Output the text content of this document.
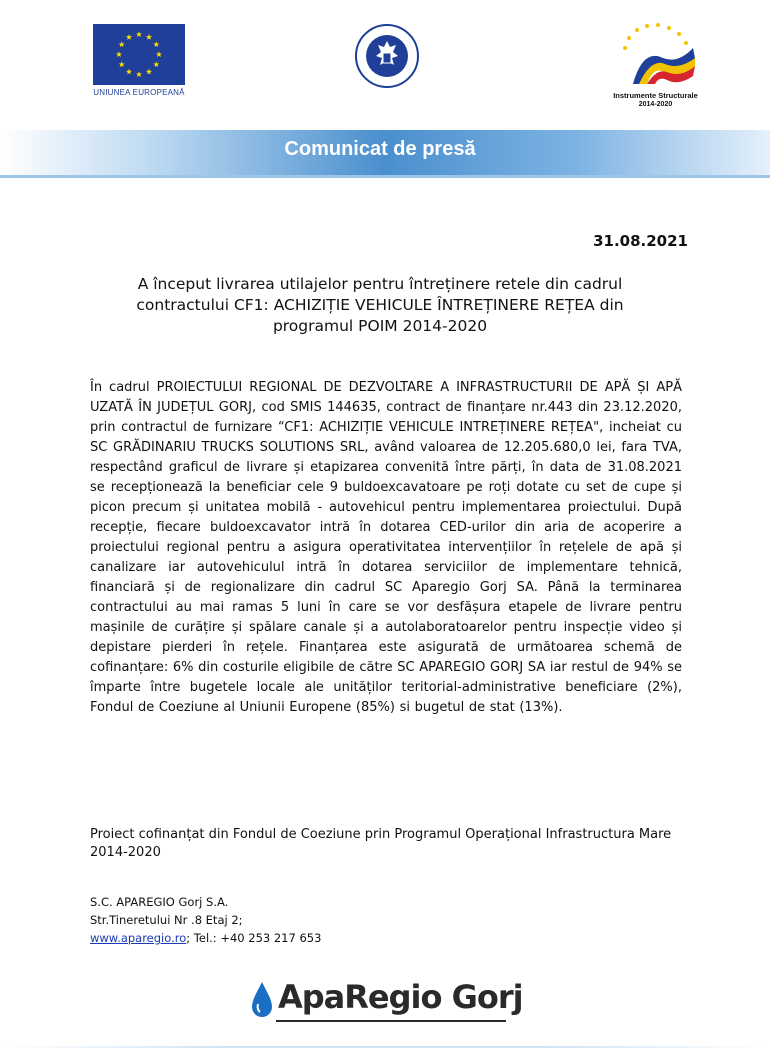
UNIUNEA EUROPEANĂ	Instrumente Structurale
2014-2020
Comunicat de presă
31.08.2021
A început livrarea utilajelor pentru întreținere retele din cadrul
contractului CF1: ACHIZIȚIE VEHICULE ÎNTREȚINERE REȚEA din
programul POIM 2014-2020
În cadrul PROIECTULUI REGIONAL DE DEZVOLTARE A INFRASTRUCTURII DE APĂ ȘI APĂ UZATĂ ÎN JUDEȚUL GORJ, cod SMIS 144635, contract de finanțare nr.443 din 23.12.2020, prin contractul de furnizare “CF1: ACHIZIȚIE VEHICULE INTREȚINERE REȚEA", incheiat cu SC GRĂDINARIU TRUCKS SOLUTIONS SRL, având valoarea de 12.205.680,0 lei, fara TVA, respectând graficul de livrare și etapizarea convenită între părți, în data de 31.08.2021 se recepționează la beneficiar cele 9 buldoexcavatoare pe roți dotate cu set de cupe și picon precum și unitatea mobilă - autovehicul pentru implementarea proiectului. După recepție, fiecare buldoexcavator intră în dotarea CED-urilor din aria de acoperire a proiectului regional pentru a asigura operativitatea intervențiilor în rețelele de apă și canalizare iar autovehiculul intră în dotarea serviciilor de implementare tehnică, financiară și de regionalizare din cadrul SC Aparegio Gorj SA. Până la terminarea contractului au mai ramas 5 luni în care se vor desfășura etapele de livrare pentru mașinile de curățire și spălare canale și a autolaboratoarelor pentru inspecție video și depistare pierderi în rețele. Finanțarea este asigurată de următoarea schemă de cofinanțare: 6% din costurile eligibile de către SC APAREGIO GORJ SA iar restul de 94% se împarte între bugetele locale ale unităților teritorial-administrative beneficiare (2%), Fondul de Coeziune al Uniunii Europene (85%) si bugetul de stat (13%).
Proiect cofinanțat din Fondul de Coeziune prin Programul Operațional Infrastructura Mare 2014-2020
S.C. APAREGIO Gorj S.A.
Str.Tineretului Nr .8 Etaj 2;
www.aparegio.ro; Tel.: +40 253 217 653
ApaRegio Gorj
